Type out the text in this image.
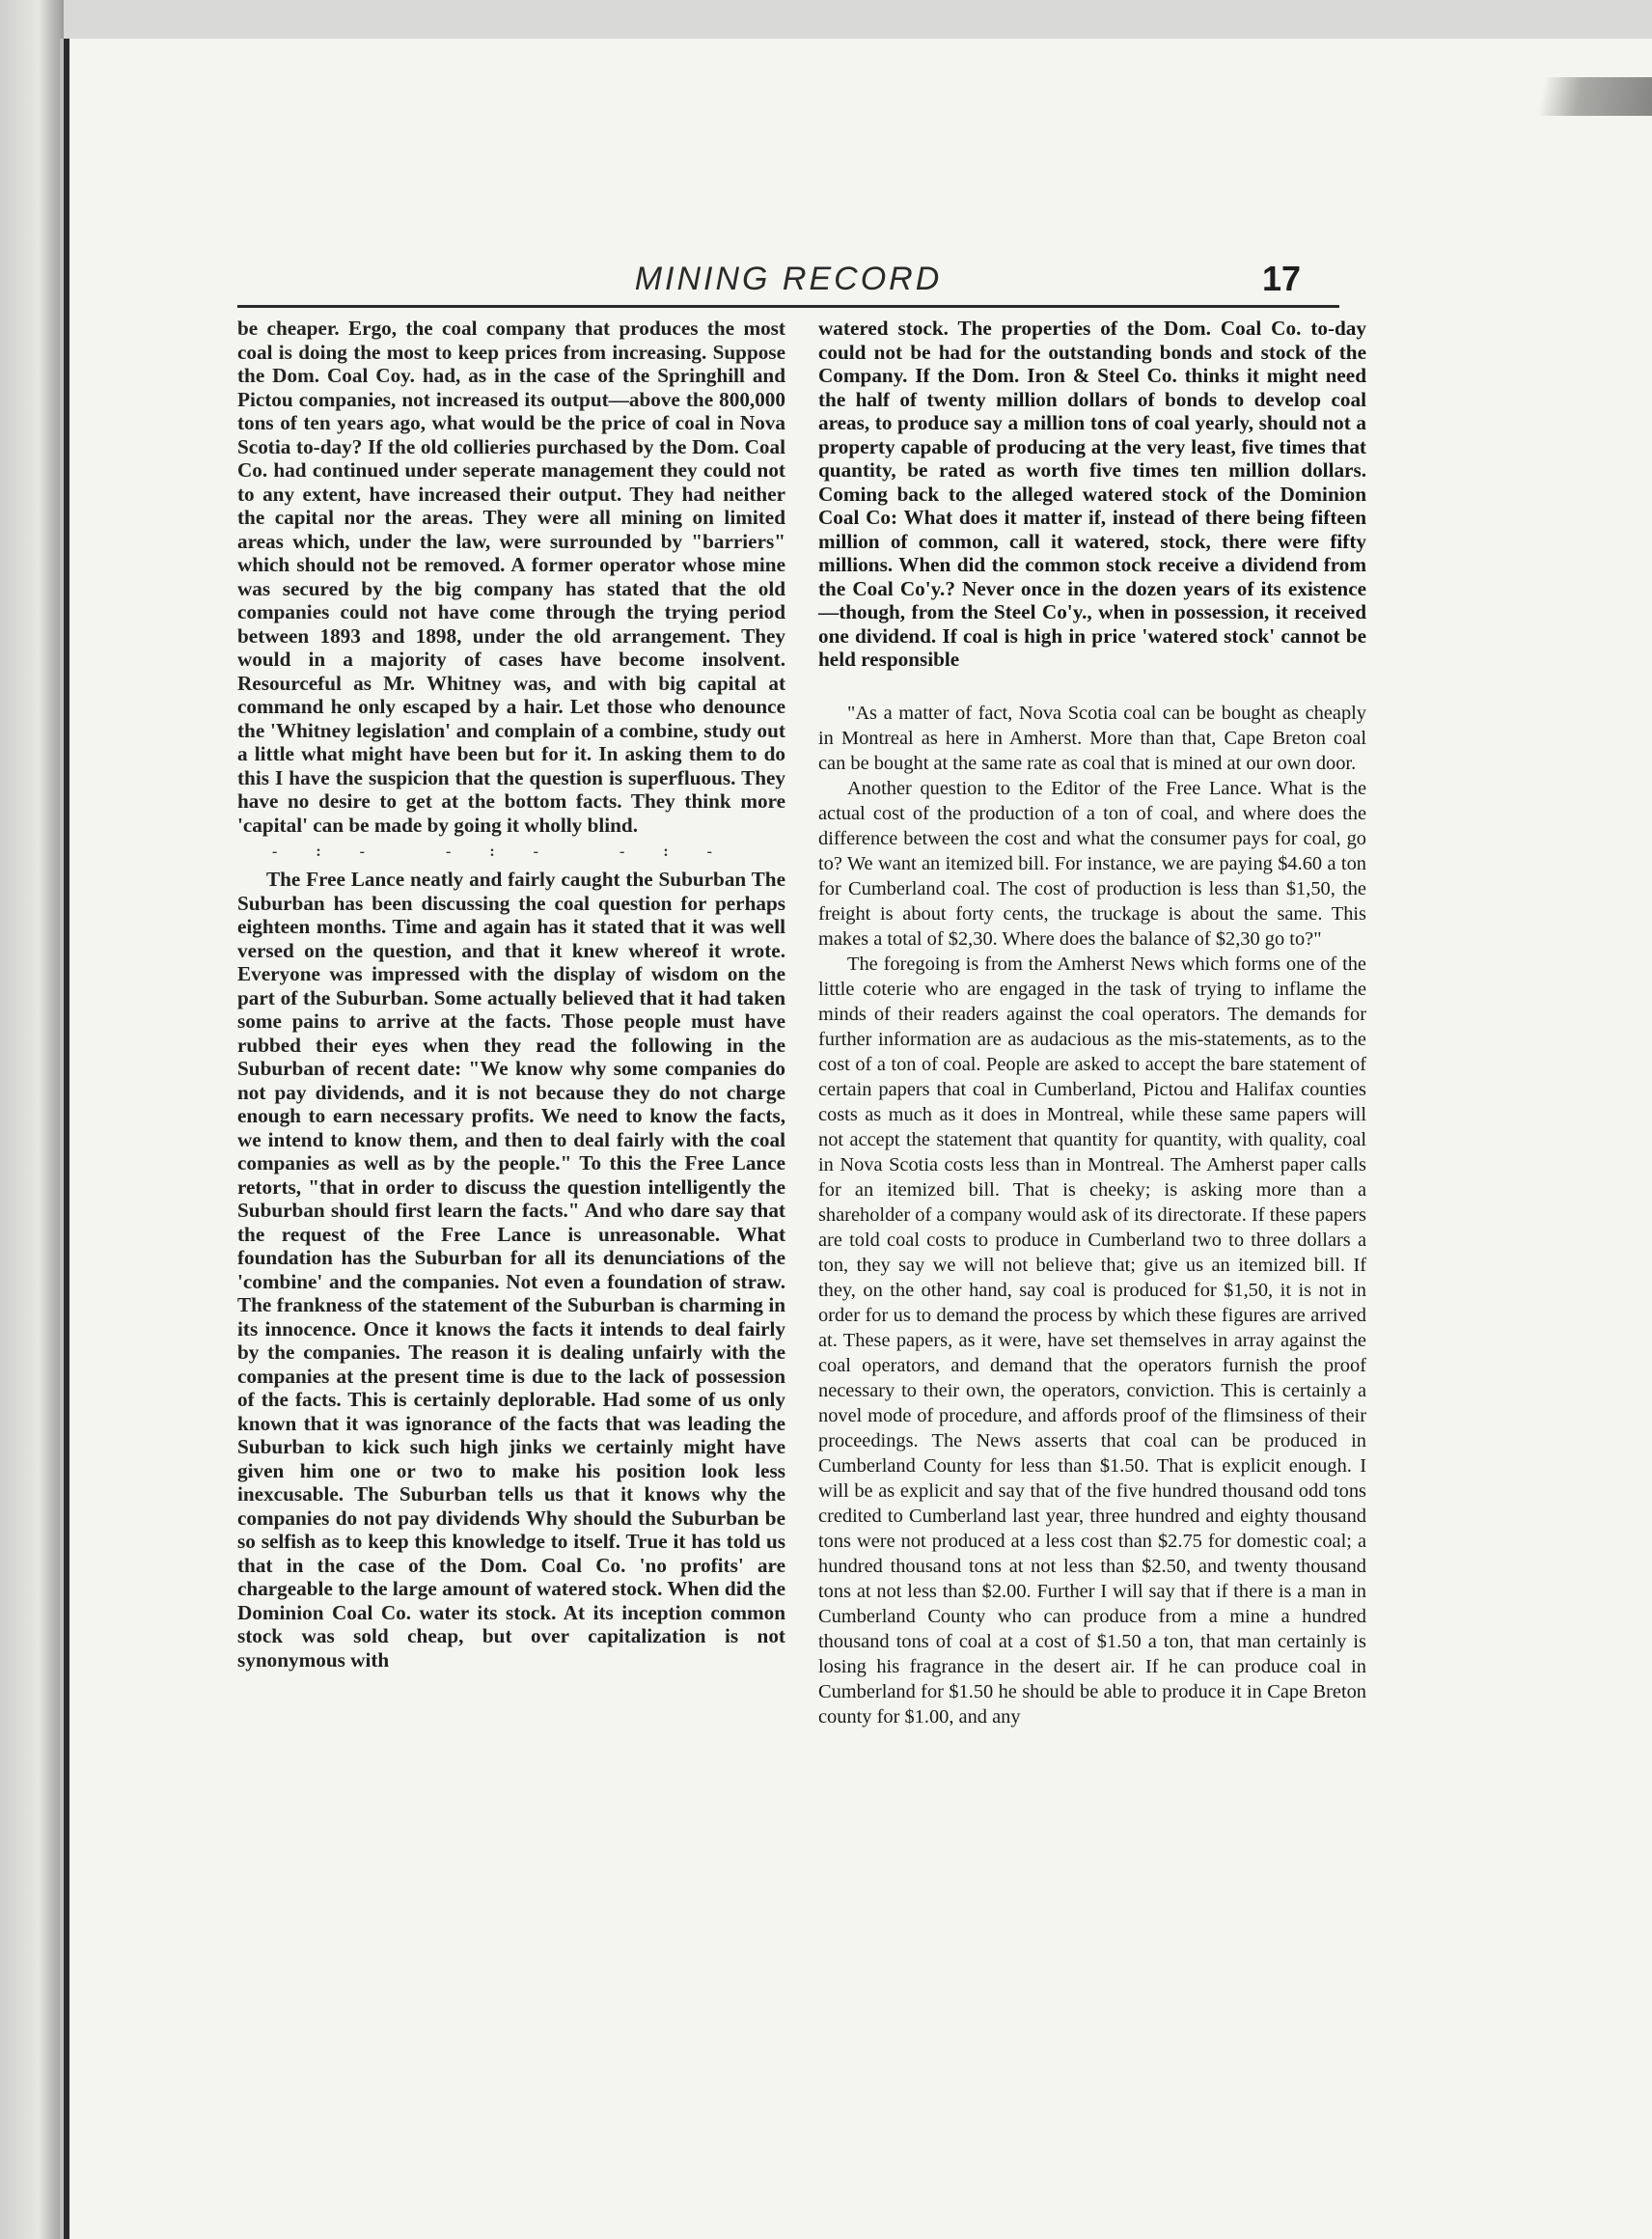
MINING RECORD	17

be cheaper. Ergo, the coal company that produces the most coal is doing the most to keep prices from increasing. Suppose the Dom. Coal Coy. had, as in the case of the Springhill and Pictou companies, not increased its output—above the 800,000 tons of ten years ago, what would be the price of coal in Nova Scotia to-day? If the old collieries purchased by the Dom. Coal Co. had continued under seperate management they could not to any extent, have increased their output. They had neither the capital nor the areas. They were all mining on limited areas which, under the law, were surrounded by "barriers" which should not be removed. A former operator whose mine was secured by the big company has stated that the old companies could not have come through the trying period between 1893 and 1898, under the old arrangement. They would in a majority of cases have become insolvent. Resourceful as Mr. Whitney was, and with big capital at command he only escaped by a hair. Let those who denounce the 'Whitney legislation' and complain of a combine, study out a little what might have been but for it. In asking them to do this I have the suspicion that the question is superfluous. They have no desire to get at the bottom facts. They think more 'capital' can be made by going it wholly blind.

-:- -:- -:-

The Free Lance neatly and fairly caught the Suburban The Suburban has been discussing the coal question for perhaps eighteen months. Time and again has it stated that it was well versed on the question, and that it knew whereof it wrote. Everyone was impressed with the display of wisdom on the part of the Suburban. Some actually believed that it had taken some pains to arrive at the facts. Those people must have rubbed their eyes when they read the following in the Suburban of recent date: "We know why some companies do not pay dividends, and it is not because they do not charge enough to earn necessary profits. We need to know the facts, we intend to know them, and then to deal fairly with the coal companies as well as by the people." To this the Free Lance retorts, "that in order to discuss the question intelligently the Suburban should first learn the facts." And who dare say that the request of the Free Lance is unreasonable. What foundation has the Suburban for all its denunciations of the 'combine' and the companies. Not even a foundation of straw. The frankness of the statement of the Suburban is charming in its innocence. Once it knows the facts it intends to deal fairly by the companies. The reason it is dealing unfairly with the companies at the present time is due to the lack of possession of the facts. This is certainly deplorable. Had some of us only known that it was ignorance of the facts that was leading the Suburban to kick such high jinks we certainly might have given him one or two to make his position look less inexcusable. The Suburban tells us that it knows why the companies do not pay dividends Why should the Suburban be so selfish as to keep this knowledge to itself. True it has told us that in the case of the Dom. Coal Co. 'no profits' are chargeable to the large amount of watered stock. When did the Dominion Coal Co. water its stock. At its inception common stock was sold cheap, but over capitalization is not synonymous with

watered stock. The properties of the Dom. Coal Co. to-day could not be had for the outstanding bonds and stock of the Company. If the Dom. Iron & Steel Co. thinks it might need the half of twenty million dollars of bonds to develop coal areas, to produce say a million tons of coal yearly, should not a property capable of producing at the very least, five times that quantity, be rated as worth five times ten million dollars. Coming back to the alleged watered stock of the Dominion Coal Co: What does it matter if, instead of there being fifteen million of common, call it watered, stock, there were fifty millions. When did the common stock receive a dividend from the Coal Co'y.? Never once in the dozen years of its existence—though, from the Steel Co'y., when in possession, it received one dividend. If coal is high in price 'watered stock' cannot be held responsible

"As a matter of fact, Nova Scotia coal can be bought as cheaply in Montreal as here in Amherst. More than that, Cape Breton coal can be bought at the same rate as coal that is mined at our own door.

Another question to the Editor of the Free Lance. What is the actual cost of the production of a ton of coal, and where does the difference between the cost and what the consumer pays for coal, go to? We want an itemized bill. For instance, we are paying $4.60 a ton for Cumberland coal. The cost of production is less than $1,50, the freight is about forty cents, the truckage is about the same. This makes a total of $2,30. Where does the balance of $2,30 go to?"

The foregoing is from the Amherst News which forms one of the little coterie who are engaged in the task of trying to inflame the minds of their readers against the coal operators. The demands for further information are as audacious as the mis-statements, as to the cost of a ton of coal. People are asked to accept the bare statement of certain papers that coal in Cumberland, Pictou and Halifax counties costs as much as it does in Montreal, while these same papers will not accept the statement that quantity for quantity, with quality, coal in Nova Scotia costs less than in Montreal. The Amherst paper calls for an itemized bill. That is cheeky; is asking more than a shareholder of a company would ask of its directorate. If these papers are told coal costs to produce in Cumberland two to three dollars a ton, they say we will not believe that; give us an itemized bill. If they, on the other hand, say coal is produced for $1,50, it is not in order for us to demand the process by which these figures are arrived at. These papers, as it were, have set themselves in array against the coal operators, and demand that the operators furnish the proof necessary to their own, the operators, conviction. This is certainly a novel mode of procedure, and affords proof of the flimsiness of their proceedings. The News asserts that coal can be produced in Cumberland County for less than $1.50. That is explicit enough. I will be as explicit and say that of the five hundred thousand odd tons credited to Cumberland last year, three hundred and eighty thousand tons were not produced at a less cost than $2.75 for domestic coal; a hundred thousand tons at not less than $2.50, and twenty thousand tons at not less than $2.00. Further I will say that if there is a man in Cumberland County who can produce from a mine a hundred thousand tons of coal at a cost of $1.50 a ton, that man certainly is losing his fragrance in the desert air. If he can produce coal in Cumberland for $1.50 he should be able to produce it in Cape Breton county for $1.00, and any
